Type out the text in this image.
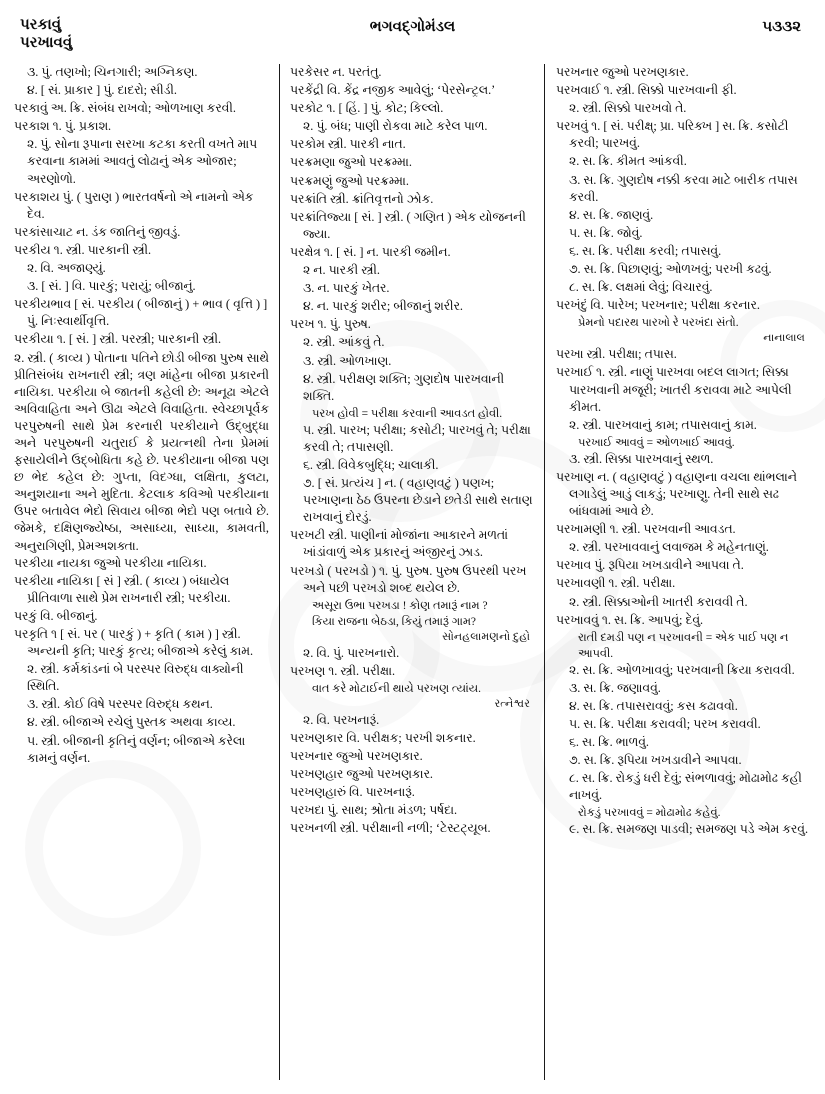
પરકાવું
પરખાવવું
ભગવદ્ગોમંડલ	૫૩૩૨

૩. પું. તણખો; ચિનગારી; અગ્નિકણ.

૪. [ સં. પ્રાકાર ] પું. દાદરો; સીડી.

પરકાવું અ. ક્રિ. સંબંધ રાખવો; ઓળખાણ કરવી.

પરકાશ ૧. પું. પ્રકાશ.

૨. પું. સોના રૂપાના સરખા કટકા કરતી વખતે માપ કરવાના કામમાં આવતું લોઢાનું એક ઓજાર; અરણોળો.

પરકાશય પું. ( પુરાણ ) ભારતવર્ષનો એ નામનો એક દેવ.

પરકાંસાચાટ ન. ડંક જાતિનું જીવડું.

પરકીય ૧. સ્ત્રી. પારકાની સ્ત્રી.

૨. વિ. અજાણ્યું.

૩. [ સં. ] વિ. પારકું; પરાયું; બીજાનું.

પરકીયભાવ [ સં. પરકીય ( બીજાનું ) + ભાવ ( વૃત્તિ ) ] પું. નિઃસ્વાર્થીવૃત્તિ.

પરકીયા ૧. [ સં. ] સ્ત્રી. પરસ્ત્રી; પારકાની સ્ત્રી.

૨. સ્ત્રી. ( કાવ્ય ) પોતાના પતિને છોડી બીજા પુરુષ સાથે પ્રીતિસંબંધ રાખનારી સ્ત્રી; ત્રણ માંહેના બીજા પ્રકારની નાયિકા. પરકીયા બે જાતની કહેલી છે: અનૂઢા એટલે અવિવાહિતા અને ઊઢા એટલે વિવાહિતા. સ્વેચ્છાપૂર્વક પરપુરુષની સાથે પ્રેમ કરનારી પરકીયાને ઉદ્બુદ્ધા અને પરપુરુષની ચતુરાઈ કે પ્રયત્નથી તેના પ્રેમમાં ફસાયેલીને ઉદ્બોધિતા કહે છે. પરકીયાના બીજા પણ છ ભેદ કહેલ છે: ગુપ્તા, વિદગ્ધા, લક્ષિતા, કુલટા, અનુશયાના અને મુદિતા. કેટલાક કવિઓ પરકીયાના ઉપર બતાવેલ ભેદો સિવાય બીજા ભેદો પણ બતાવે છે. જેમકે, દક્ષિણજ્યેષ્ઠા, અસાધ્યા, સાધ્યા, કામવતી, અનુરાગિણી, પ્રેમઅશક્તા.

પરકીયા નાયકા જુઓ પરકીયા નાયિકા.

પરકીયા નાયિકા [ સં ] સ્ત્રી. ( કાવ્ય ) બંધાયેલ પ્રીતિવાળા સાથે પ્રેમ રાખનારી સ્ત્રી; પરકીયા.

પરકું વિ. બીજાનું.

પરકૃતિ ૧ [ સં. પર ( પારકું ) + કૃતિ ( કામ ) ] સ્ત્રી. અન્યની કૃતિ; પારકું કૃત્ય; બીજાએ કરેલું કામ.

૨. સ્ત્રી. કર્મકાંડનાં બે પરસ્પર વિરુદ્ધ વાક્યોની સ્થિતિ.

૩. સ્ત્રી. કોઈ વિષે પરસ્પર વિરુદ્ધ કથન.

૪. સ્ત્રી. બીજાએ રચેલું પુસ્તક અથવા કાવ્ય.

૫. સ્ત્રી. બીજાની કૃતિનું વર્ણન; બીજાએ કરેલા કામનું વર્ણન.

પરકેસર ન. પરતંતુ.

પરકેંદ્રી વિ. કેંદ્ર નજીક આવેલું; ‘પેરસેન્ટ્રલ.’

પરકોટ ૧. [ હિં. ] પું. કોટ; કિલ્લો.

૨. પું. બંધ; પાણી રોકવા માટે કરેલ પાળ.

પરકોમ સ્ત્રી. પારકી નાત.

પરક્રમણા જુઓ પરક્રમ્મા.

પરક્રમણું જુઓ પરક્રમ્મા.

પરક્રાંતિ સ્ત્રી. ક્રાંતિવૃત્તનો ઝોક.

પરક્રાંતિજ્યા [ સં. ] સ્ત્રી. ( ગણિત ) એક યોજનની જ્યા.

પરક્ષેત્ર ૧. [ સં. ] ન. પારકી જમીન.

૨ ન. પારકી સ્ત્રી.

૩. ન. પારકું ખેતર.

૪. ન. પારકું શરીર; બીજાનું શરીર.

પરખ ૧. પું. પુરુષ.

૨. સ્ત્રી. આંકવું તે.

૩. સ્ત્રી. ઓળખાણ.

૪. સ્ત્રી. પરીક્ષણ શક્તિ; ગુણદોષ પારખવાની શક્તિ.

પરખ હોવી = પરીક્ષા કરવાની આવડત હોવી.

૫. સ્ત્રી. પારખ; પરીક્ષા; કસોટી; પારખવું તે; પરીક્ષા કરવી તે; તપાસણી.

૬. સ્ત્રી. વિવેકબુદ્ધિ; ચાલાકી.

૭. [ સં. પ્રત્યંચ ] ન. ( વહાણવટું ) પણખ; પરખાણના ઠેઠ ઉપરના છેડાને છતેડી સાથે સતાણ રાખવાનું દોરડું.

પરખટી સ્ત્રી. પાણીનાં મોજાંના આકારને મળતાં ખાંડાંવાળું એક પ્રકારનું અંજીરનું ઝાડ.

પરખડો ( પરખડો ) ૧. પું. પુરુષ. પુરુષ ઉપરથી પરખ અને પછી પરખડો શબ્દ થયેલ છે.

અસૂરા ઉભા પરખડા ! કોણ તમારૂં નામ ?

કિયા રાજના બેઠડા, કિયું તમારૂં ગામ?

સોનહલામણનો દુહો

૨. વિ. પું. પારખનારો.

પરખણ ૧. સ્ત્રી. પરીક્ષા.

વાત કરે મોટાઈની થાયે પરખણ ત્યાંય.

રત્નેશ્વર

૨. વિ. પરખનારૂં.

પરખણકાર વિ. પરીક્ષક; પરખી શકનાર.

પરખનાર જુઓ પરખણકાર.

પરખણહાર જુઓ પરખણકાર.

પરખણહારું વિ. પારખનારૂં.

પરખદા પું. સાથ; શ્રોતા મંડળ; પર્ષદા.

પરખનળી સ્ત્રી. પરીક્ષાની નળી; ‘ટેસ્ટટ્યૂબ.

પરખનાર જુઓ પરખણકાર.

પરખવાઈ ૧. સ્ત્રી. સિક્કો પારખવાની ફી.

૨. સ્ત્રી. સિક્કો પારખવો તે.

પરખવું ૧. [ સં. પરીક્ષ્; પ્રા. પરિક્ખ ] સ. ક્રિ. કસોટી કરવી; પારખવું.

૨. સ. ક્રિ. કીમત આંકવી.

૩. સ. ક્રિ. ગુણદોષ નક્કી કરવા માટે બારીક તપાસ કરવી.

૪. સ. ક્રિ. જાણવું.

૫. સ. ક્રિ. જોવું.

૬. સ. ક્રિ. પરીક્ષા કરવી; તપાસવું.

૭. સ. ક્રિ. પિછાણવું; ઓળખવું; પરખી કઢવું.

૮. સ. ક્રિ. લક્ષમાં લેવું; વિચારવું.

પરખંદું વિ. પારેખ; પરખનાર; પરીક્ષા કરનાર.

પ્રેમનો પદારથ પારખો રે પરખંદા સંતો.

નાનાલાલ

પરખા સ્ત્રી. પરીક્ષા; તપાસ.

પરખાઈ ૧. સ્ત્રી. નાણું પારખવા બદલ લાગત; સિક્કા પારખવાની મજૂરી; ખાતરી કરાવવા માટે આપેલી કીમત.

૨. સ્ત્રી. પારખવાનું કામ; તપાસવાનું કામ.

પરખાઈ આવવું = ઓળખાઈ આવવું.

૩. સ્ત્રી. સિક્કા પારખવાનું સ્થળ.

પરખાણ ન. ( વહાણવટું ) વહાણના વચલા થાંભલાને લગાડેલું આડું લાકડું; પરખાણુ. તેની સાથે સઢ બાંધવામાં આવે છે.

પરખામણી ૧. સ્ત્રી. પરખવાની આવડત.

૨. સ્ત્રી. પરખાવવાનું લવાજમ કે મહેનતાણું.

પરખાવ પું. રૂપિયા ખખડાવીને આપવા તે.

પરખાવણી ૧. સ્ત્રી. પરીક્ષા.

૨. સ્ત્રી. સિક્કાઓની ખાતરી કરાવવી તે.

પરખાવવું ૧. સ. ક્રિ. આપવું; દેવું.

રાતી દમડી પણ ન પરખાવની = એક પાઈ પણ ન આપવી.

૨. સ. ક્રિ. ઓળખાવવું; પરખવાની ક્રિયા કરાવવી.

૩. સ. ક્રિ. જણાવવું.

૪. સ. ક્રિ. તપાસરાવવું; કસ કઢાવવો.

૫. સ. ક્રિ. પરીક્ષા કરાવવી; પરખ કરાવવી.

૬. સ. ક્રિ. ભાળવું.

૭. સ. ક્રિ. રૂપિયા ખખડાવીને આપવા.

૮. સ. ક્રિ. રોકડું ધરી દેવું; સંભળાવવું; મોઢામોઢ કહી નાખવું.

રોકડું પરખાવવું = મોઢામોઢ કહેવું.

૯. સ. ક્રિ. સમજણ પાડવી; સમજણ પડે એમ કરવું.
